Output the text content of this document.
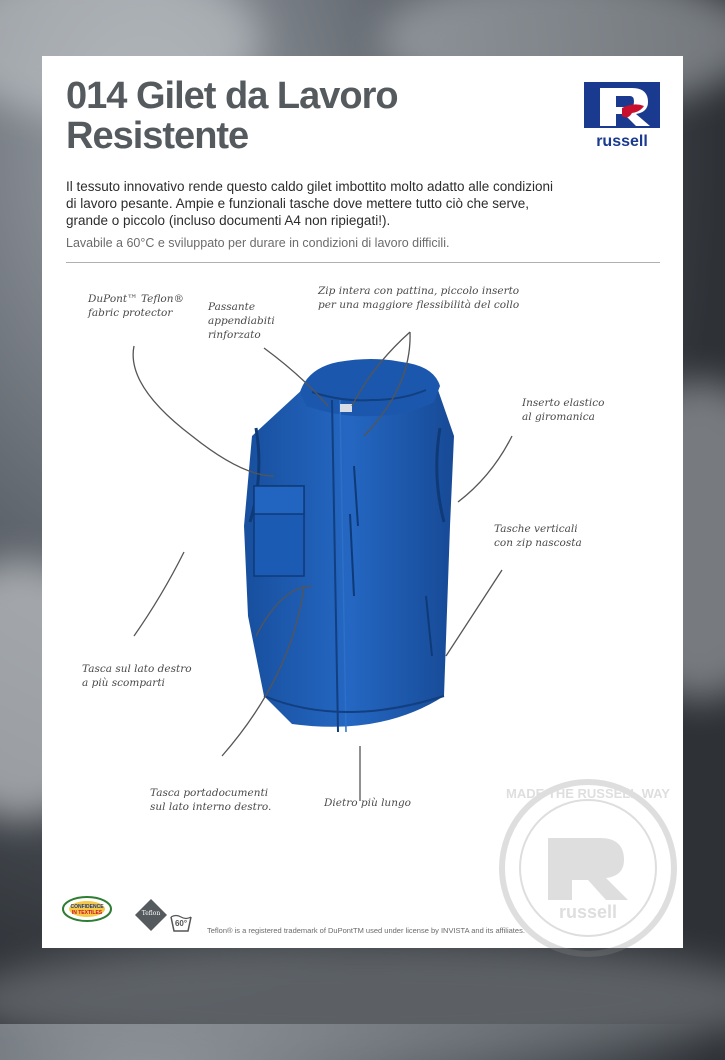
014 Gilet da Lavoro
Resistente	russell

Il tessuto innovativo rende questo caldo gilet imbottito molto adatto alle condizioni di lavoro pesante. Ampie e funzionali tasche dove mettere tutto ciò che serve, grande o piccolo (incluso documenti A4 non ripiegati!).

Lavabile a 60°C e sviluppato per durare in condizioni di lavoro difficili.

DuPont™ Teflon®
fabric protector	Passante
appendiabiti
rinforzato

Zip intera con pattina, piccolo inserto
per una maggiore flessibilità del collo

Inserto elastico
al giromanica

Tasche verticali
con zip nascosta

Tasca sul lato destro
a più scomparti

Tasca portadocumenti
sul lato interno destro.	Dietro più lungo

russell
MADE THE RUSSELL WAY
CONFIDENCE
IN TEXTILES	Teflon
60°

Teflon® is a registered trademark of DuPontTM used under license by INVISTA and its affiliates.
